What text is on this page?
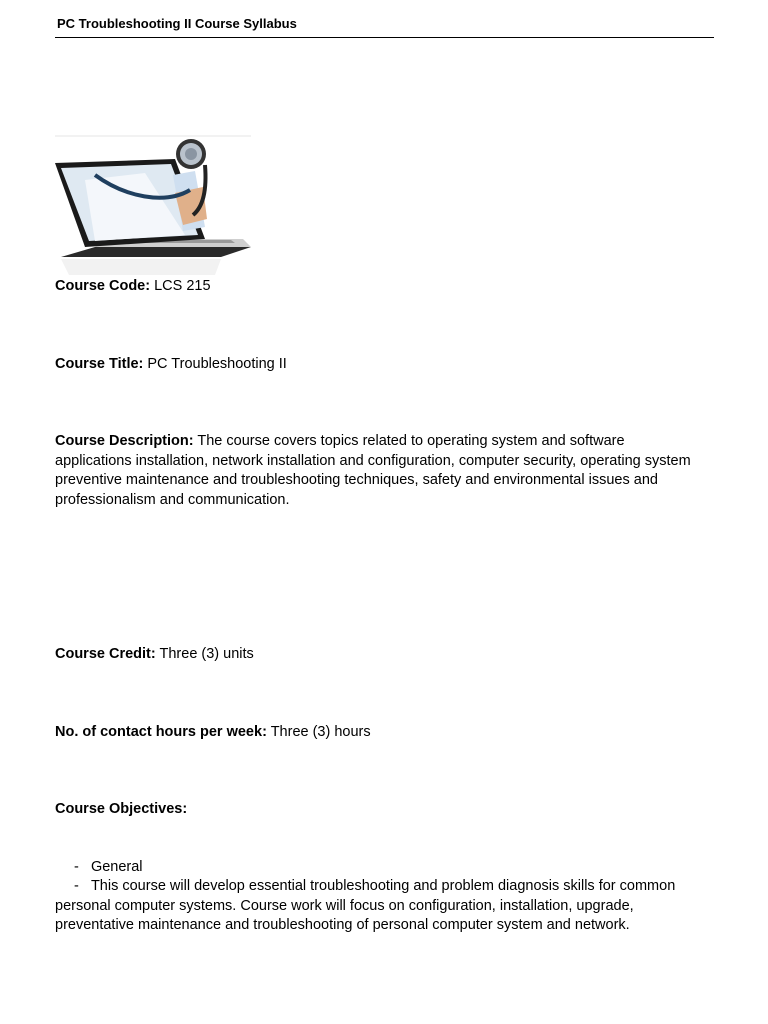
PC Troubleshooting II Course Syllabus
Course Code: LCS 215
Course Title: PC Troubleshooting II
Course Description: The course covers topics related to operating system and software applications installation, network installation and configuration, computer security, operating system preventive maintenance and troubleshooting techniques, safety and environmental issues and professionalism and communication.
Course Credit: Three (3) units
No. of contact hours per week: Three (3) hours
Course Objectives:
- General
- This course will develop essential troubleshooting and problem diagnosis skills for common personal computer systems. Course work will focus on configuration, installation, upgrade, preventative maintenance and troubleshooting of personal computer system and network.
